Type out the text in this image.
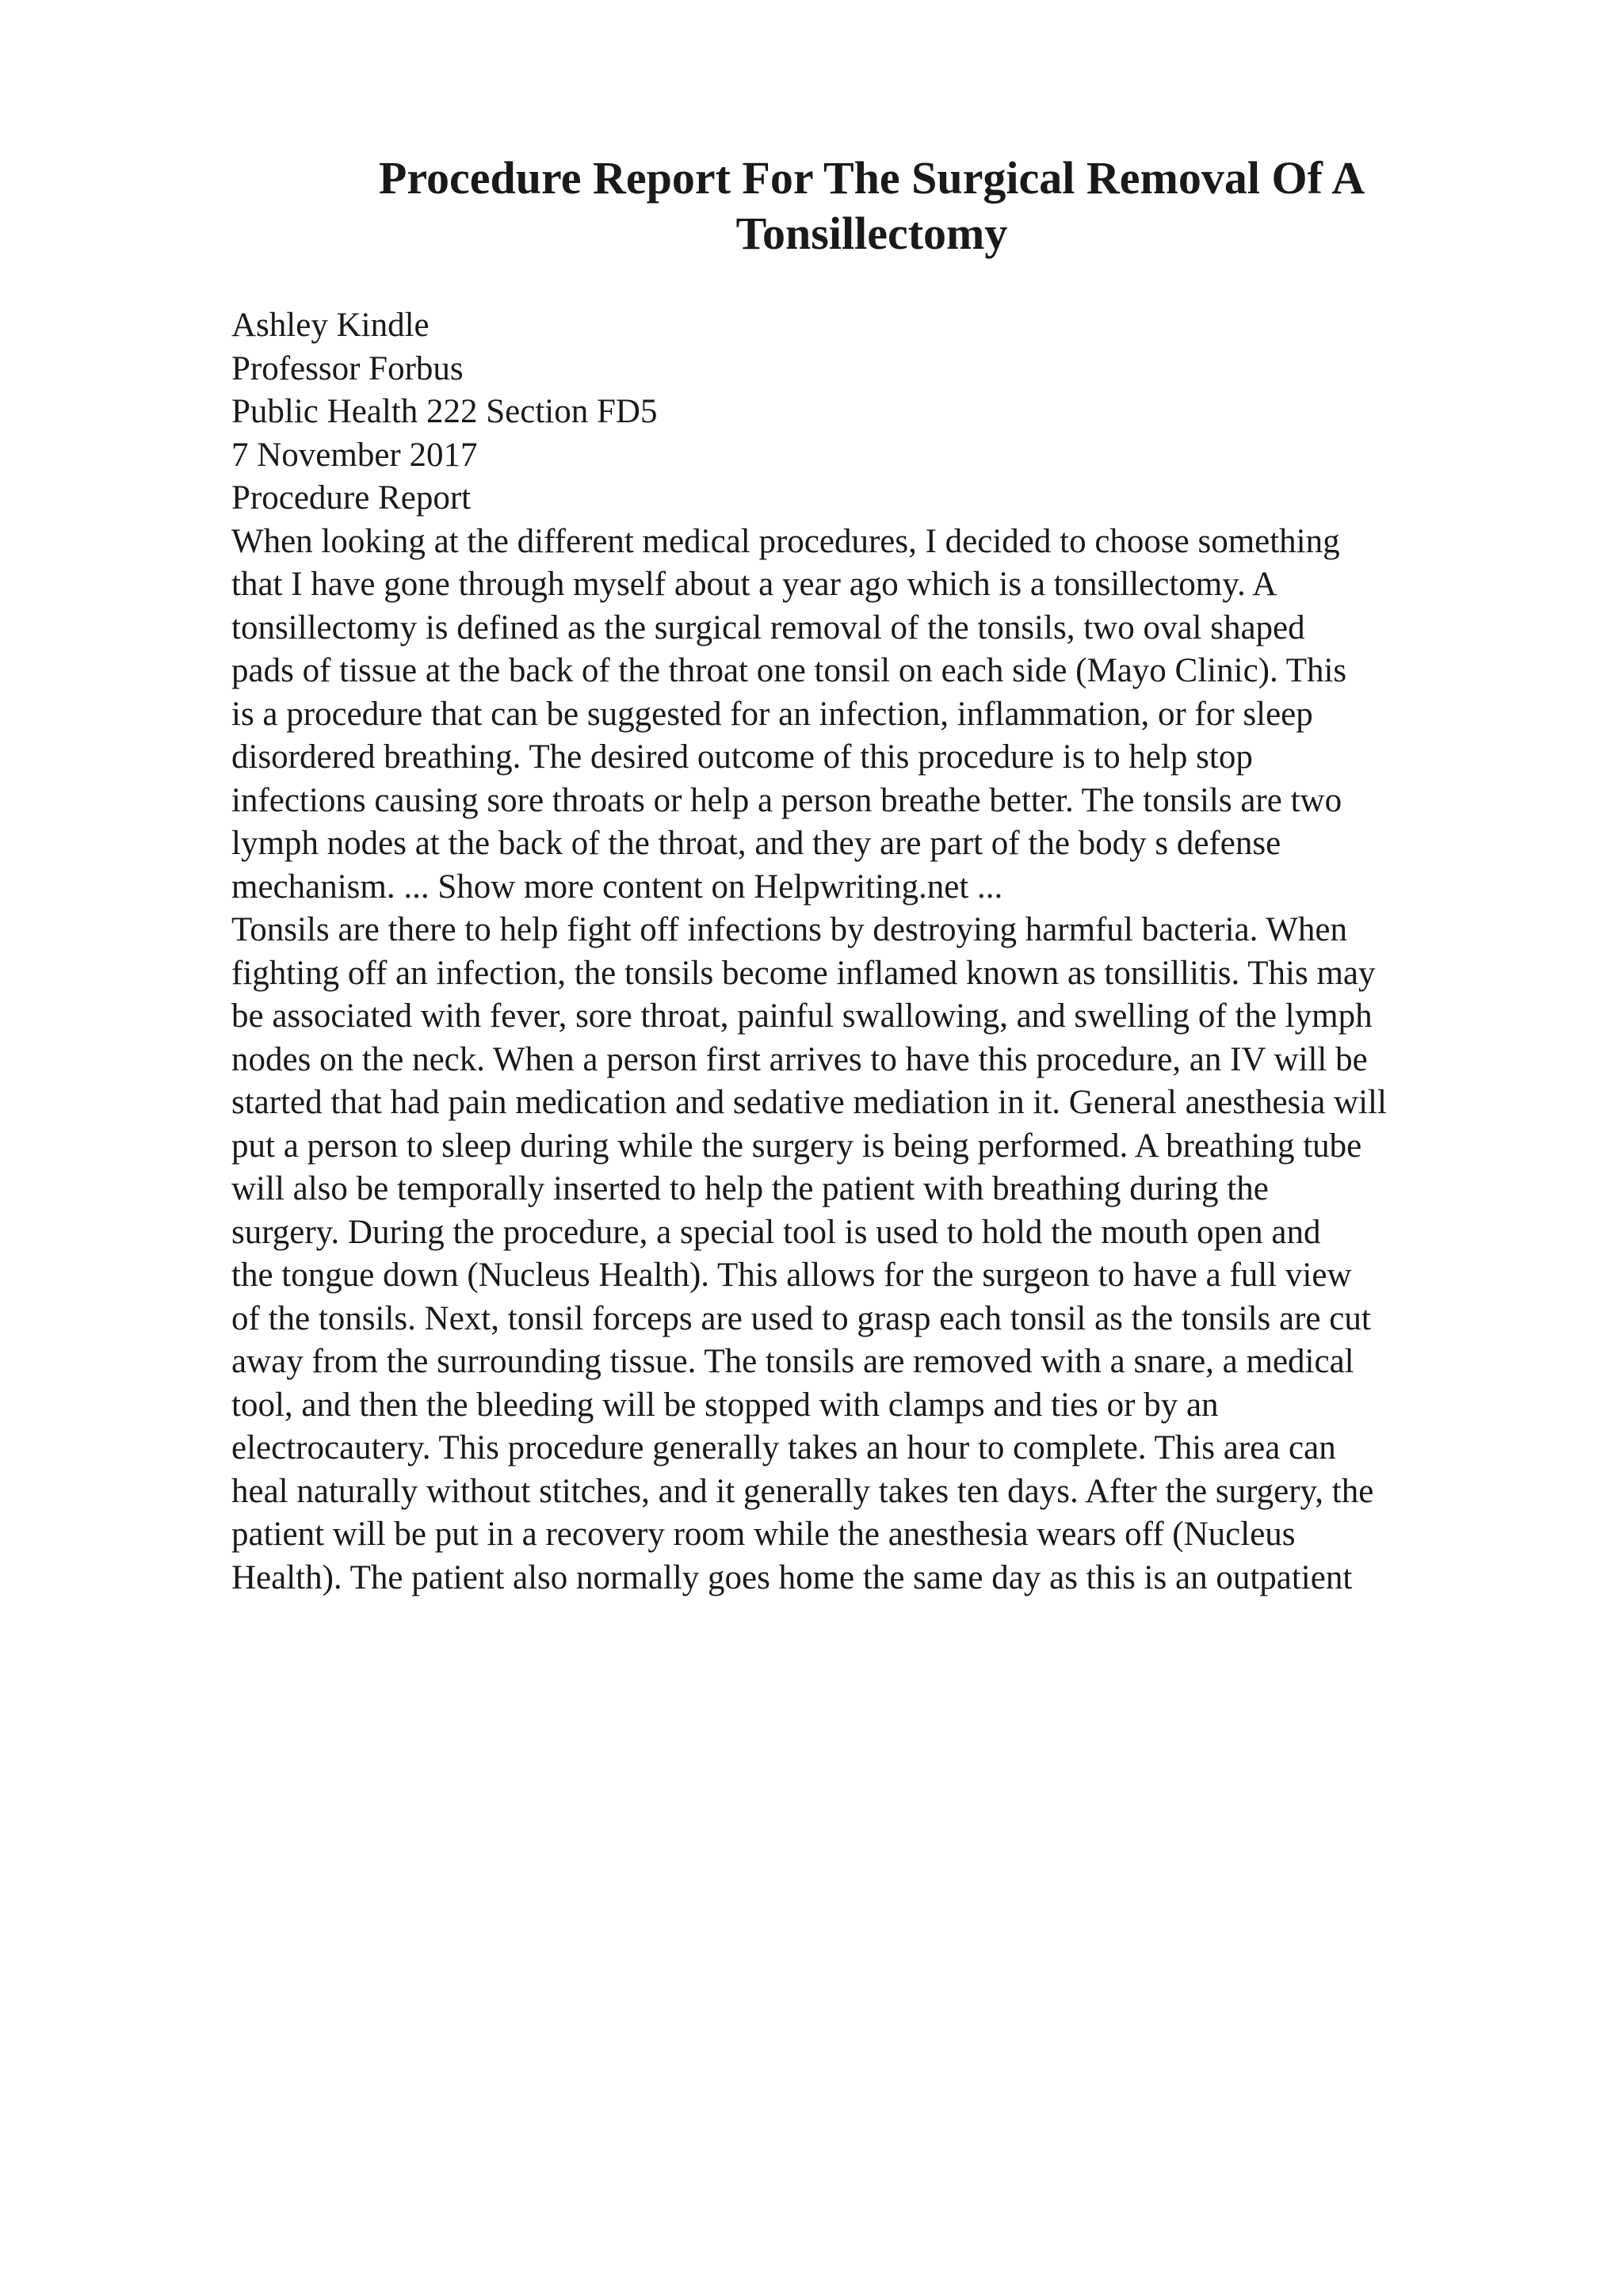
Procedure Report For The Surgical Removal Of A
Tonsillectomy
Ashley Kindle
Professor Forbus
Public Health 222 Section FD5
7 November 2017
Procedure Report
When looking at the different medical procedures, I decided to choose something
that I have gone through myself about a year ago which is a tonsillectomy. A
tonsillectomy is defined as the surgical removal of the tonsils, two oval shaped
pads of tissue at the back of the throat one tonsil on each side (Mayo Clinic). This
is a procedure that can be suggested for an infection, inflammation, or for sleep
disordered breathing. The desired outcome of this procedure is to help stop
infections causing sore throats or help a person breathe better. The tonsils are two
lymph nodes at the back of the throat, and they are part of the body s defense
mechanism. ... Show more content on Helpwriting.net ...
Tonsils are there to help fight off infections by destroying harmful bacteria. When
fighting off an infection, the tonsils become inflamed known as tonsillitis. This may
be associated with fever, sore throat, painful swallowing, and swelling of the lymph
nodes on the neck. When a person first arrives to have this procedure, an IV will be
started that had pain medication and sedative mediation in it. General anesthesia will
put a person to sleep during while the surgery is being performed. A breathing tube
will also be temporally inserted to help the patient with breathing during the
surgery. During the procedure, a special tool is used to hold the mouth open and
the tongue down (Nucleus Health). This allows for the surgeon to have a full view
of the tonsils. Next, tonsil forceps are used to grasp each tonsil as the tonsils are cut
away from the surrounding tissue. The tonsils are removed with a snare, a medical
tool, and then the bleeding will be stopped with clamps and ties or by an
electrocautery. This procedure generally takes an hour to complete. This area can
heal naturally without stitches, and it generally takes ten days. After the surgery, the
patient will be put in a recovery room while the anesthesia wears off (Nucleus
Health). The patient also normally goes home the same day as this is an outpatient
